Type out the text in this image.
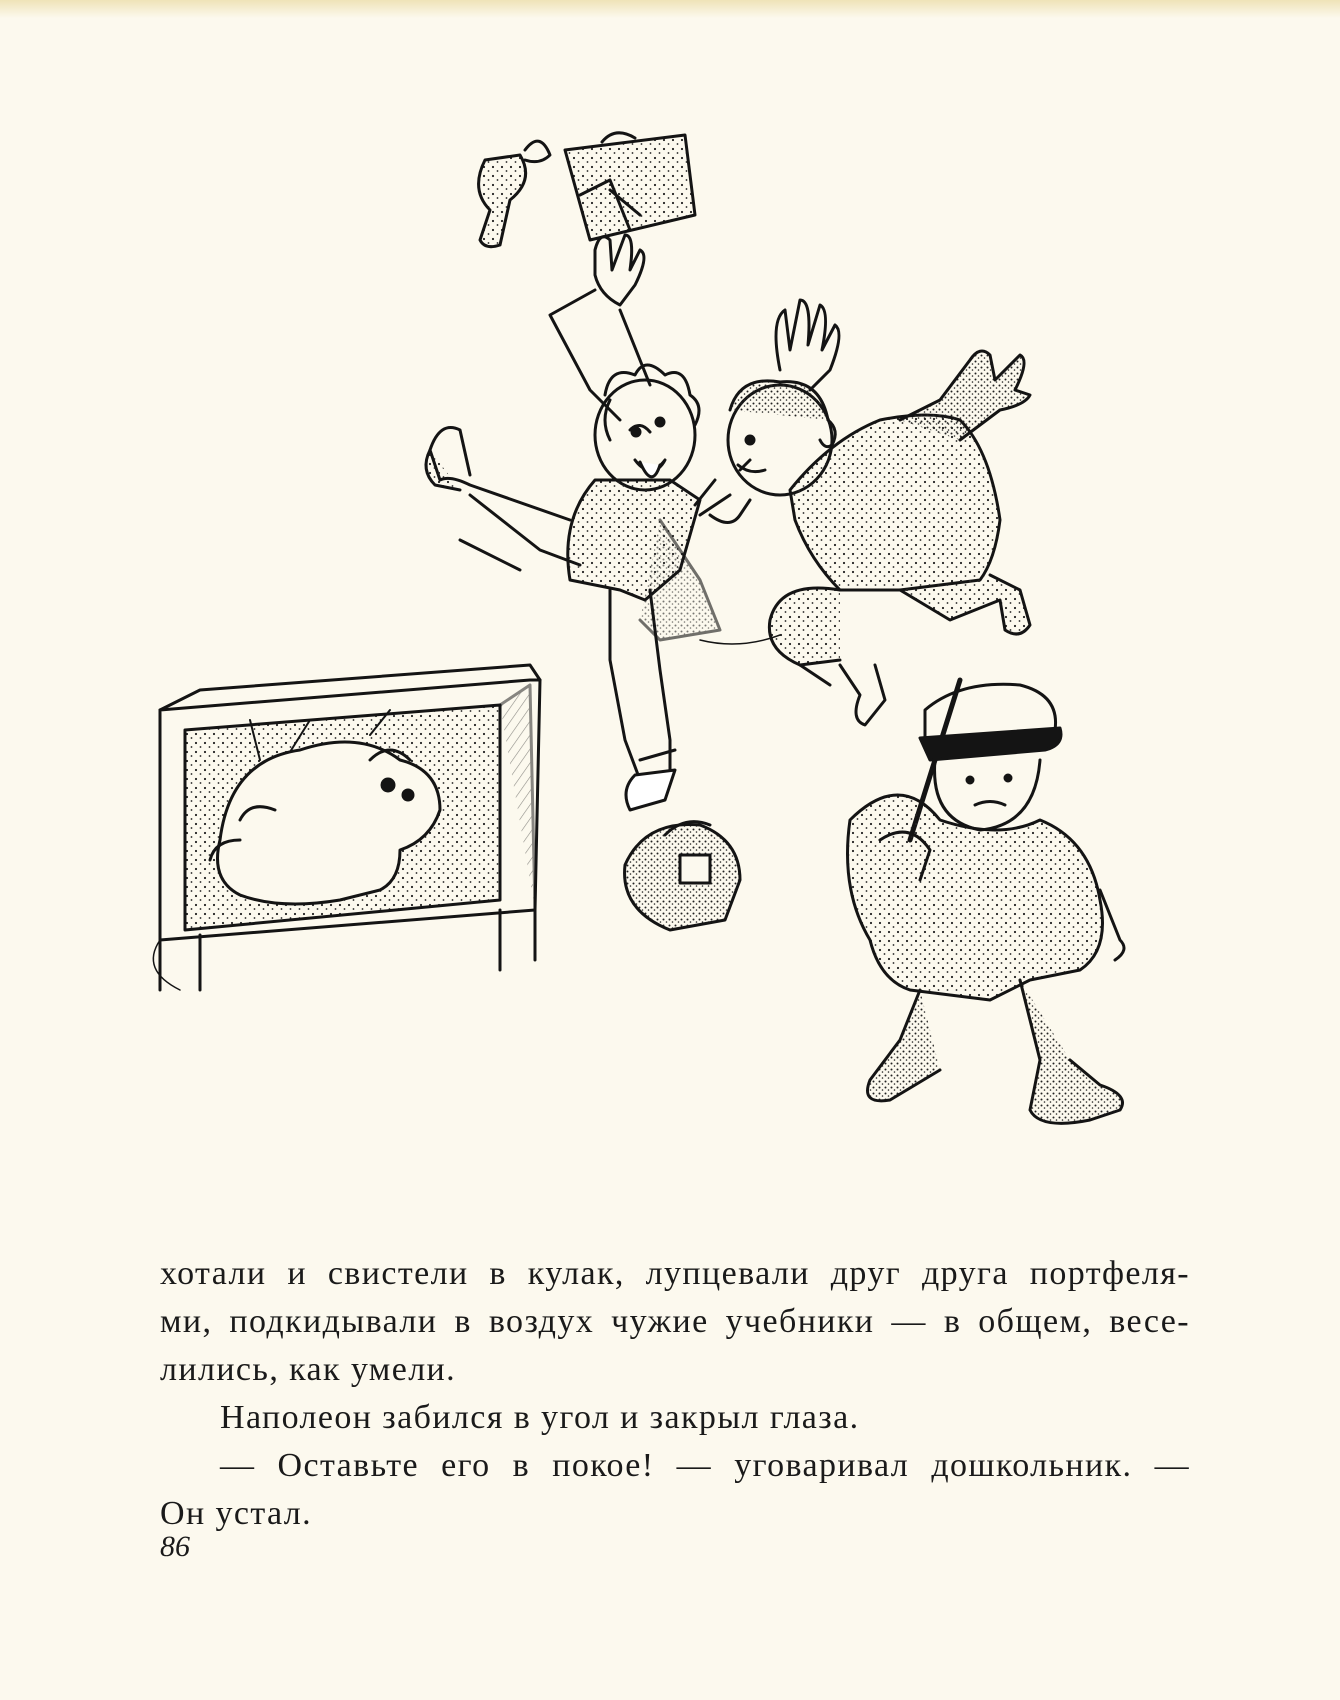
хотали и свистели в кулак, лупцевали друг друга портфеля-

ми, подкидывали в воздух чужие учебники — в общем, весе-

лились, как умели.

Наполеон забился в угол и закрыл глаза.

— Оставьте его в покое! — уговаривал дошкольник. —

Он устал.

86
